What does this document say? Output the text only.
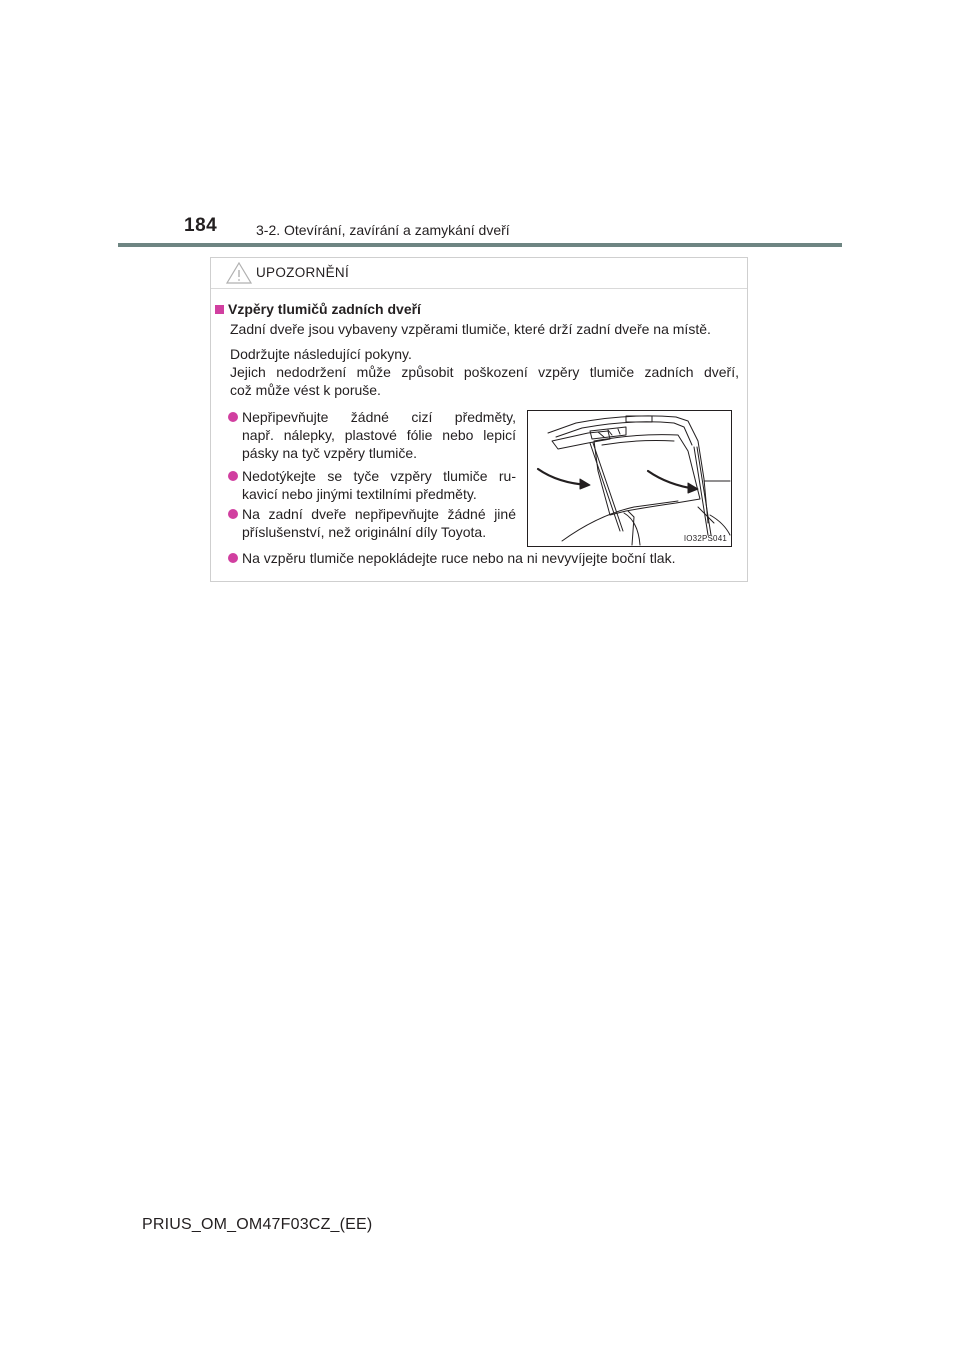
184	3-2. Otevírání, zavírání a zamykání dveří
UPOZORNĚNÍ
Vzpěry tlumičů zadních dveří
Zadní dveře jsou vybaveny vzpěrami tlumiče, které drží zadní dveře na místě.
Dodržujte následující pokyny.
Jejich nedodržení může způsobit poškození vzpěry tlumiče zadních dveří,
což může vést k poruše.
Nepřipevňujte žádné cizí předměty,
např. nálepky, plastové fólie nebo lepicí
pásky na tyč vzpěry tlumiče.
Nedotýkejte se tyče vzpěry tlumiče ru-
kavicí nebo jinými textilními předměty.
Na zadní dveře nepřipevňujte žádné jiné
příslušenství, než originální díly Toyota.
Na vzpěru tlumiče nepokládejte ruce nebo na ni nevyvíjejte boční tlak.
IO32PS041
PRIUS_OM_OM47F03CZ_(EE)
